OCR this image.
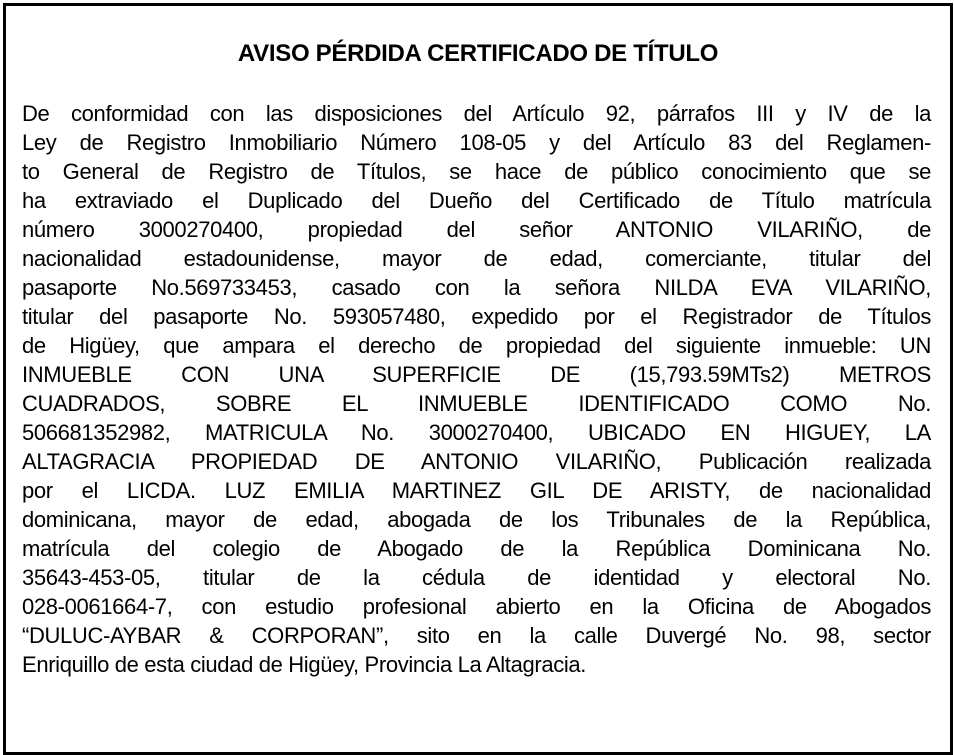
AVISO PÉRDIDA CERTIFICADO DE TÍTULO

De conformidad con las disposiciones del Artículo 92, párrafos III y IV de la
Ley de Registro Inmobiliario Número 108-05 y del Artículo 83 del Reglamen-
to General de Registro de Títulos, se hace de público conocimiento que se
ha extraviado el Duplicado del Dueño del Certificado de Título matrícula
número 3000270400, propiedad del señor ANTONIO VILARIÑO, de
nacionalidad estadounidense, mayor de edad, comerciante, titular del
pasaporte No.569733453, casado con la señora NILDA EVA VILARIÑO,
titular del pasaporte No. 593057480, expedido por el Registrador de Títulos
de Higüey, que ampara el derecho de propiedad del siguiente inmueble: UN
INMUEBLE CON UNA SUPERFICIE DE (15,793.59MTs2) METROS
CUADRADOS, SOBRE EL INMUEBLE IDENTIFICADO COMO No.
506681352982, MATRICULA No. 3000270400, UBICADO EN HIGUEY, LA
ALTAGRACIA PROPIEDAD DE ANTONIO VILARIÑO, Publicación realizada
por el LICDA. LUZ EMILIA MARTINEZ GIL DE ARISTY, de nacionalidad
dominicana, mayor de edad, abogada de los Tribunales de la República,
matrícula del colegio de Abogado de la República Dominicana No.
35643-453-05, titular de la cédula de identidad y electoral No.
028-0061664-7, con estudio profesional abierto en la Oficina de Abogados
“DULUC-AYBAR & CORPORAN”, sito en la calle Duvergé No. 98, sector
Enriquillo de esta ciudad de Higüey, Provincia La Altagracia.
